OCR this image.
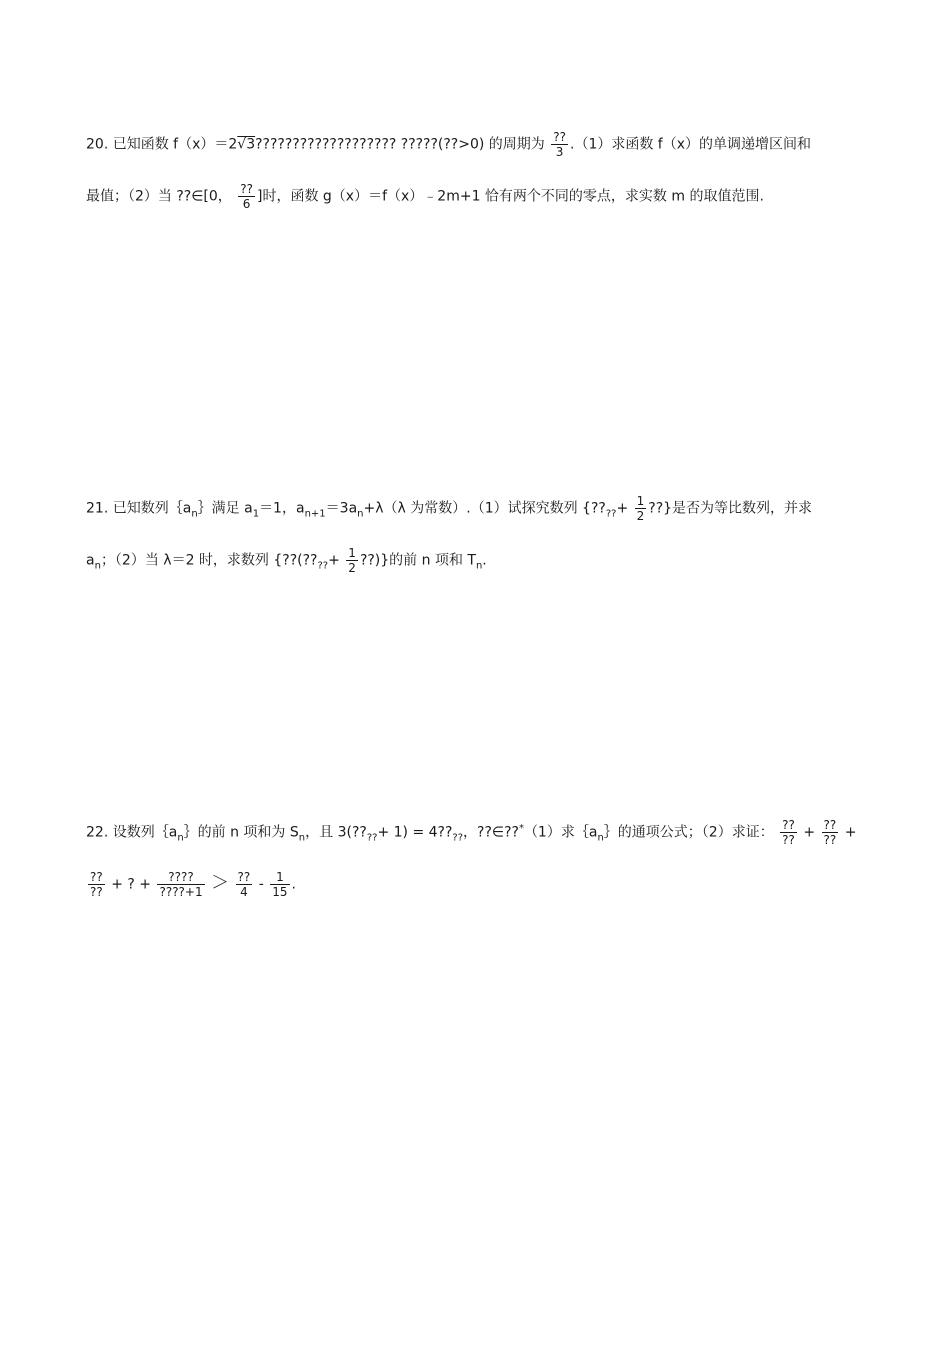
20. 已知函数 f（x）＝2√3??????????????????? ?????(??>0) 的周期为 $\frac{??}{3} .(1)$求函数 f（x）的单调递增区间和
最值；（2）当 ??∈[0， $\frac{??}{6}$ ]时，函数 g（x）＝f（x）﹣2m+1 恰有两个不同的零点，求实数 m 的取值范围.
21. 已知数列$\{a_n\}$满足 $a_1=1$，$a_{n+1}=3a_n+\lambda(\lambda$ 为常数）.（1）试探究数列 {$??_{??}+ \frac{1}{2}$ ??}是否为等比数列，并求
$a_n$；（2）当 λ＝2 时，求数列 {$??(??_{??}+ \frac{1}{2}$ ??)}的前 n 项和 $T_n$.
22. 设数列$\{a_n\}$的前 n 项和为 $S_n$，且 $3(??_{??}+ 1)$ = $4??_{??}$，??∈??*（1）求$\{a_n\}$的通项公式；（2）求证： $\frac{??}{??} + \frac{??}{??}$ +
$\frac{??}{??}$ + ? + $\frac{????}{????+1} > \frac{??}{4} - \frac{1}{15}$ .
